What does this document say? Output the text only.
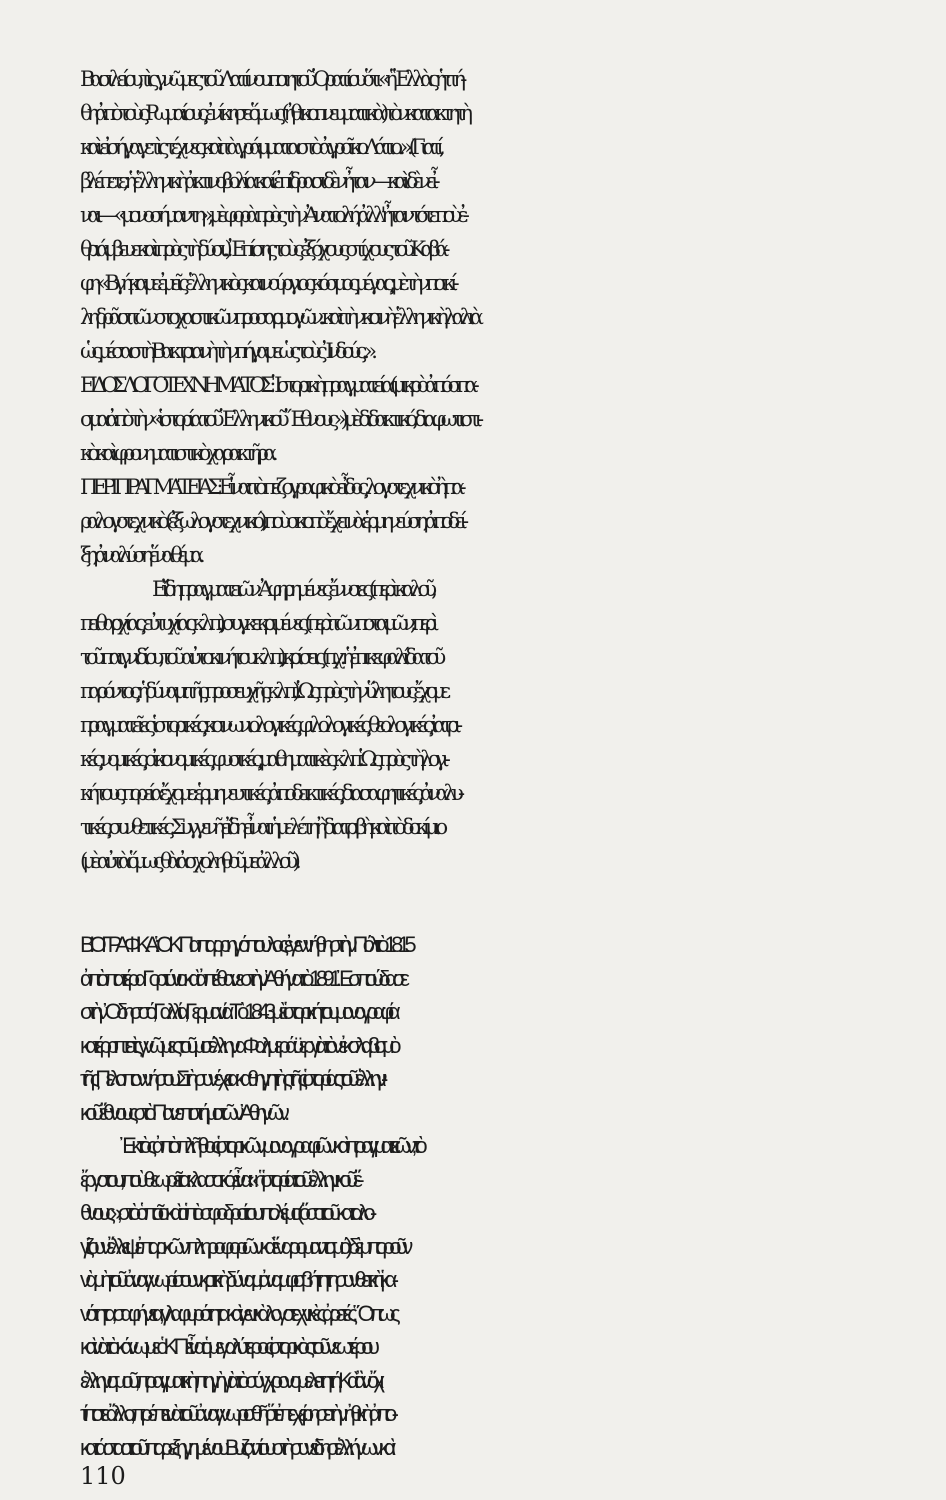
Βασιλείου, τὶς γνῶμες τοῦ Λατίνου ποιητοῦ Ὁρατίου ὅτι «ἡ Ἑλλὰς ἡττή-
θη ἀπὸ τοὺς Ρωμαίους, ἐνίκησε ὅμως (ἠθικοπνευματικὰ) τὸν κατακτητὴ
καὶ εἰσήγαγε τὶς τέχνες καὶ τὰ γράμματα στὸ ἀγροῖκο Λάτιο...». (Γιατί,
βλέπετε, ἡ ἑλληνικὴ ἀκτινοβολία καί ἐπίδρασι δὲν ἦταν —καὶ δὲν εἶ-
ναι— «μονοσήμαντη», μὲ φορὰ πρὸς τὴν Ἀνατολή, ἀλλ' ἦταν τότε ποὺ ἐ-
θριάμβευε καὶ πρὸς τὴ δύσι...). Ἐπίσης τοὺς ἐξόχους στίχους τοῦ Καβά-
φη· «Βγήκαμε ἐμεῖς ἑλληνικὸς καινούργιος κόσμος μέγας, μὲ τὴν ποικί-
λη δρᾶσι τῶν στοχαστικῶν προσαρμογῶν... καὶ τὴν κοινὴ ἑλληνικὴ λαλιὰ
ὡς μέσα στὴ Βακτριανὴ τὴν πήγαμε ὡς τοὺς Ἰνδούς...».
ΕΙΔΟΣ ΛΟΓΟΤΕΧΝΗΜΑΤΟΣ: Ἱστορικὴ πραγματεία (μικρὸ ἀπόσπα-
σμα ἀπὸ τὴν «ἱστορία τοῦ Ἑλληνικοῦ Ἔθνους») μὲ διδακτικό, διαφωτιστι-
κὸ καὶ φρονηματιστικὸ χαρακτῆρα.
ΠΕΡΙ ΠΡΑΓΜΑΤΕΙΑΣ: Εἶναι τὸ πεζογραφικὸ εἶδος, λογοτεχνικὸ ἢ πα-
ραλογοτεχνικὸ (ἐξωλογοτεχνικό), ποὺ σκοπὸ ἔχει νὰ ἑρμηνεύση, ἀποδεί-
ξη, ἀναλύση ἕνα θέμα.
Εἴδη πραγματειῶν: Ἀφηρημένες ἔννοιες (περὶ καλοῦ,
πειθαρχίας, εὐτυχίας κ.λ.π.), συγκεκριμένες (περὶ τῶν ποταμῶν, περὶ
τοῦ παιγνιδίου, τοῦ αὐτοκινήτου κ.λ.π.), κρίσεις (π.χ. ἡ ἐπικεφαλίδα τοῦ
παρόντος, ἡ δύναμι τῆς προσευχῆς κ.λ.π.). Ὡς πρὸς τὴν ὕλη τους ἔχομε
πραγματεῖες ἱστορικές, κοινωνιολογικές, φιλολογικές, θεολογικές, ἰατρι-
κές, νομικές, οἰκονομικές, φυσικές, μαθηματικὲς κ.λ.π. Ὡς πρὸς τὴ λογι-
κή τους πορεία ἔχομε: ἑρμηνευτικές, ἀποδεικτικές, διασαφητικές, ἀναλυ-
τικές, συνθετικές. Συγγενῆ εἴδη εἶναι ἡ μελέτη ἢ διατριβὴ καὶ τὸ δοκίμιο
(μὲ αὐτὰ ὅμως θὰ ἀσχοληθοῦμε ἀλλοῦ).
ΒΙΟΓΡΑΦΙΚΑ: Ὁ Κ. Παπαρρηγόπουλος ἐγεννήθη στὴν Πόλι τὸ 1815
ἀπὸ πατέρα Γορτύνιο καὶ ἀπέθανε στὴν Ἀθήνα τὸ 1891. Ἐσπούδασε
στὴν Ὀδησσό, Γαλλία, Γερμανία. Τὸ 1843 μὲ ἱστορική του μονογραφία
κατέρριπτε τὶς γνῶμες τοῦ μισέλληνα Φαλμεράϋερ γιὰ τὸν ἐκσλαβισμὸ
τῆς Πελοποννήσου. Στὴ συνέχεια καθηγητὴς τῆς ἱστορίας τοῦ ἑλληνι-
κοῦ ἔθνους στὸ Πανεπιστήμιο τῶν Ἀθηνῶν.
Ἐκτὸς ἀπὸ πλῆθος ἱστορικῶν μονογραφιῶν καὶ πραγματειῶν, τὸ
ἔργο του, ποὺ θεωρεῖται κλασσικό, εἶναι «ἡ ἱστορία τοῦ ἑλληνικοῦ ἔ-
θνους», στὸ ὁποῖο καὶ οἱ πιὸ σφοδροί του πολέμιοι (ὅσοι τοῦ καταλο-
γίζουν ἔλλειψι ἐπαρκῶν πληροφοριῶν καὶ ἕνα ρομαντισμό) δὲ μποροῦν
νὰ μὴ τοῦ ἀναγνωρίσουν κριτικὴ δύναμι, ἀναμφισβήτητη συνθετικὴ ἱκα-
νότητα, σαφήνεια, γλαφυρότητα καὶ γενικὰ λογοτεχνικὲς ἀρετές. Ὅπως
καὶ νὰ τὸ κάνωμε ὁ Κ. Π. εἶναι ὁ μεγαλύτερος ἱστορικὸς τοῦ νεωτέρου
ἑλληνισμοῦ, πραγματικὴ πηγὴ γιὰ τὸ σύγχρονο μελετητή. Καὶ ἂν ὄχι
τίποτε ἄλλο, πρέπει νὰ τοῦ ἀναγνωρισθῆ ὅτι ἐπεχείρησε τὴν ἠθικὴ ἀπο-
κατάστασι τοῦ παρεξηγημένου Βυζαντίου στὴ συνείδησι ἑλλήνων καὶ
110
